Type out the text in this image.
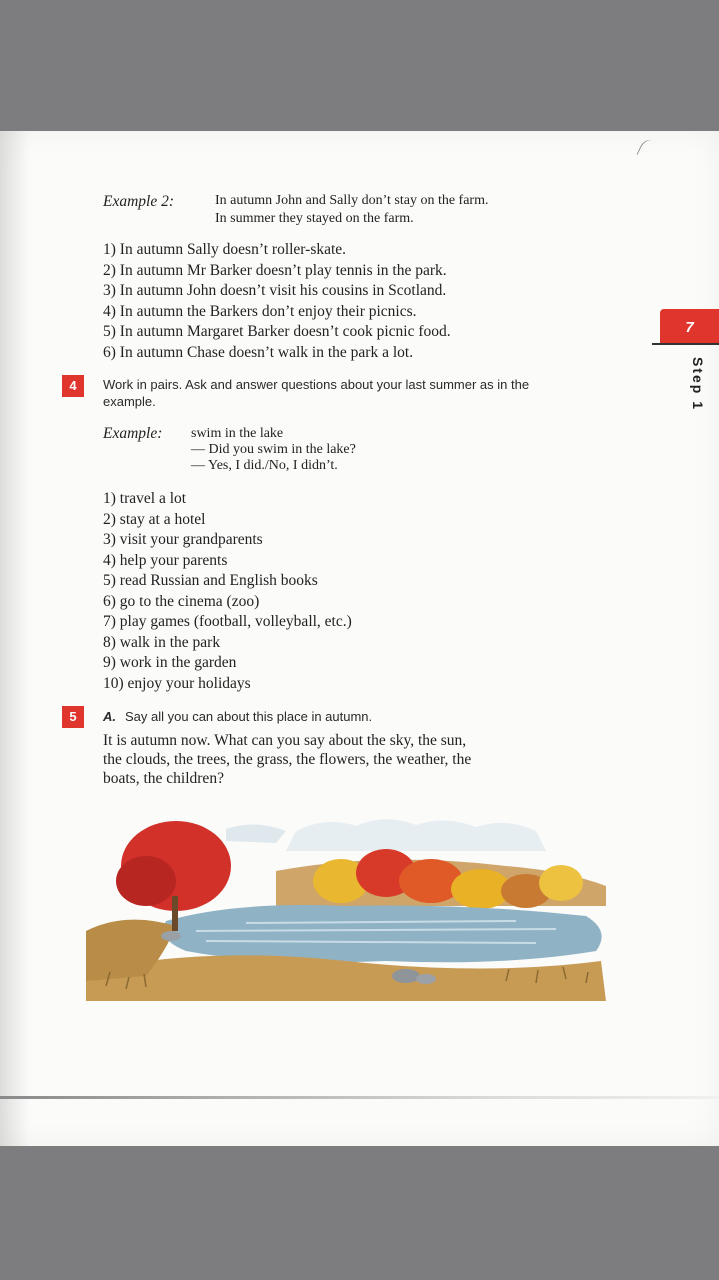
7
Step 1
Example 2:	In autumn John and Sally don’t stay on the farm.
In summer they stayed on the farm.
1) In autumn Sally doesn’t roller-skate.
2) In autumn Mr Barker doesn’t play tennis in the park.
3) In autumn John doesn’t visit his cousins in Scotland.
4) In autumn the Barkers don’t enjoy their picnics.
5) In autumn Margaret Barker doesn’t cook picnic food.
6) In autumn Chase doesn’t walk in the park a lot.
4	Work in pairs. Ask and answer questions about your last summer as in the
example.
Example: swim in the lake
— Did you swim in the lake?
— Yes, I did./No, I didn’t.
1) travel a lot
2) stay at a hotel
3) visit your grandparents
4) help your parents
5) read Russian and English books
6) go to the cinema (zoo)
7) play games (football, volleyball, etc.)
8) walk in the park
9) work in the garden
10) enjoy your holidays
5	A. Say all you can about this place in autumn.
It is autumn now. What can you say about the sky, the sun,
the clouds, the trees, the grass, the flowers, the weather, the
boats, the children?
